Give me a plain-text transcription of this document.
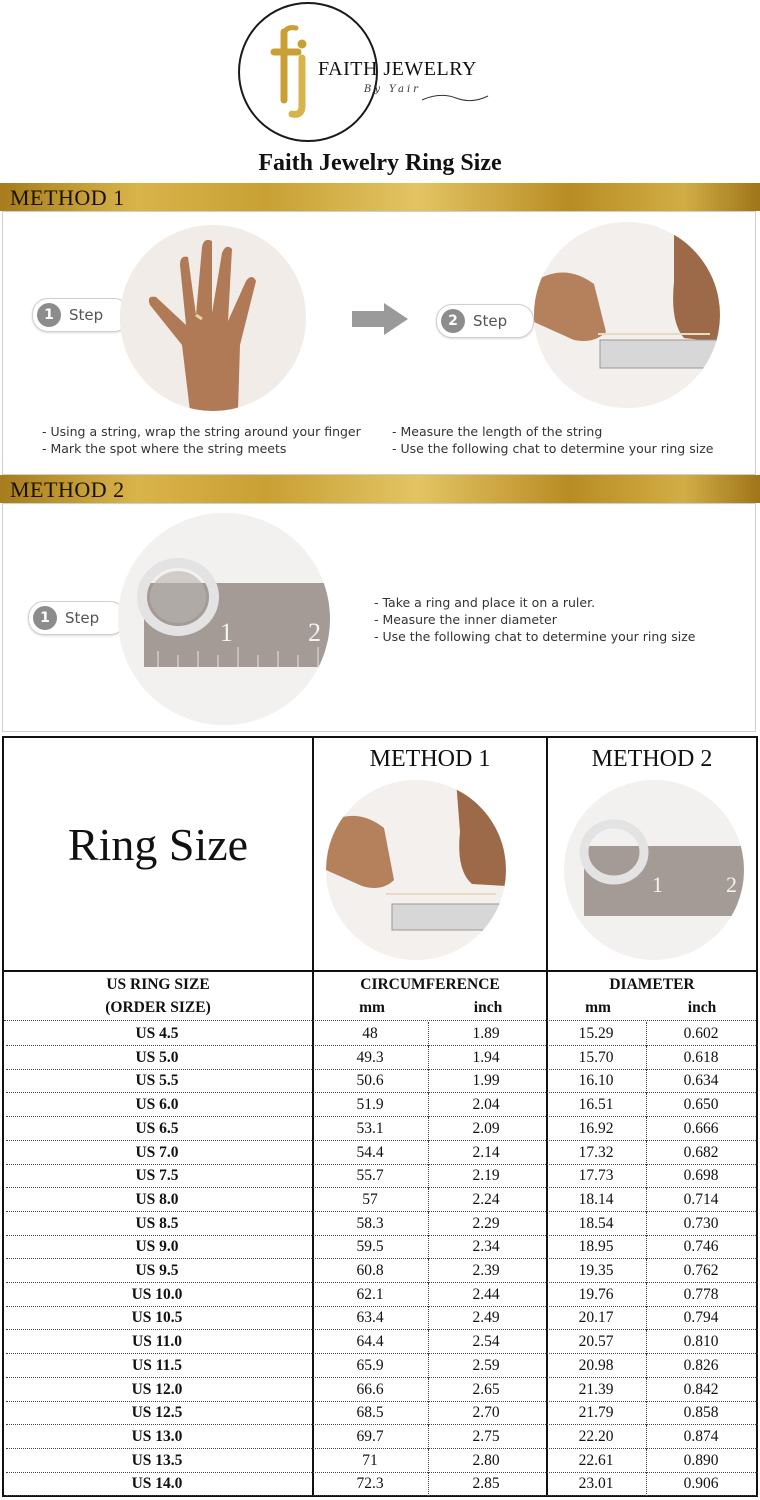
FAITH JEWELRY
By Yair
Faith Jewelry Ring Size
METHOD 1
1	Step	2	Step
- Using a string, wrap the string around your finger
- Mark the spot where the string meets
- Measure the length of the string
- Use the following chat to determine your ring size
METHOD 2
1	Step	1	2
- Take a ring and place it on a ruler.
- Measure the inner diameter
- Use the following chat to determine your ring size
Ring Size
METHOD 1	METHOD 2
1	2
US RING SIZE
(ORDER SIZE)
CIRCUMFERENCE	DIAMETER
mm	inch	mm	inch
US 4.5	48	1.89	15.29	0.602
US 5.0	49.3	1.94	15.70	0.618
US 5.5	50.6	1.99	16.10	0.634
US 6.0	51.9	2.04	16.51	0.650
US 6.5	53.1	2.09	16.92	0.666
US 7.0	54.4	2.14	17.32	0.682
US 7.5	55.7	2.19	17.73	0.698
US 8.0	57	2.24	18.14	0.714
US 8.5	58.3	2.29	18.54	0.730
US 9.0	59.5	2.34	18.95	0.746
US 9.5	60.8	2.39	19.35	0.762
US 10.0	62.1	2.44	19.76	0.778
US 10.5	63.4	2.49	20.17	0.794
US 11.0	64.4	2.54	20.57	0.810
US 11.5	65.9	2.59	20.98	0.826
US 12.0	66.6	2.65	21.39	0.842
US 12.5	68.5	2.70	21.79	0.858
US 13.0	69.7	2.75	22.20	0.874
US 13.5	71	2.80	22.61	0.890
US 14.0	72.3	2.85	23.01	0.906
